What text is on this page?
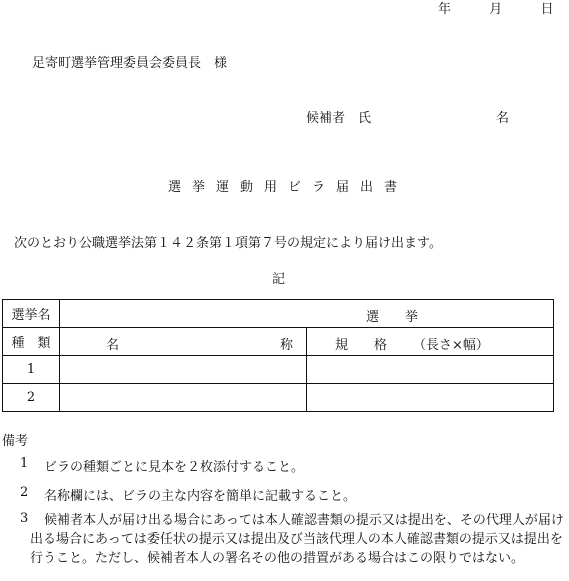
年	月	日
足寄町選挙管理委員会委員長　様
候補者　氏	名
選挙運動用ビラ届出書
次のとおり公職選挙法第１４２条第１項第７号の規定により届け出ます。
記
選挙名	選　　挙	

種　類	名 称	規　　格 （長さ×幅）

1		
2		
備考
1 ビラの種類ごとに見本を２枚添付すること。
2 名称欄には、ビラの主な内容を簡単に記載すること。
3	候補者本人が届け出る場合にあっては本人確認書類の提示又は提出を、その代理人が届け出る場合にあっては委任状の提示又は提出及び当該代理人の本人確認書類の提示又は提出を行うこと。ただし、候補者本人の署名その他の措置がある場合はこの限りではない。
